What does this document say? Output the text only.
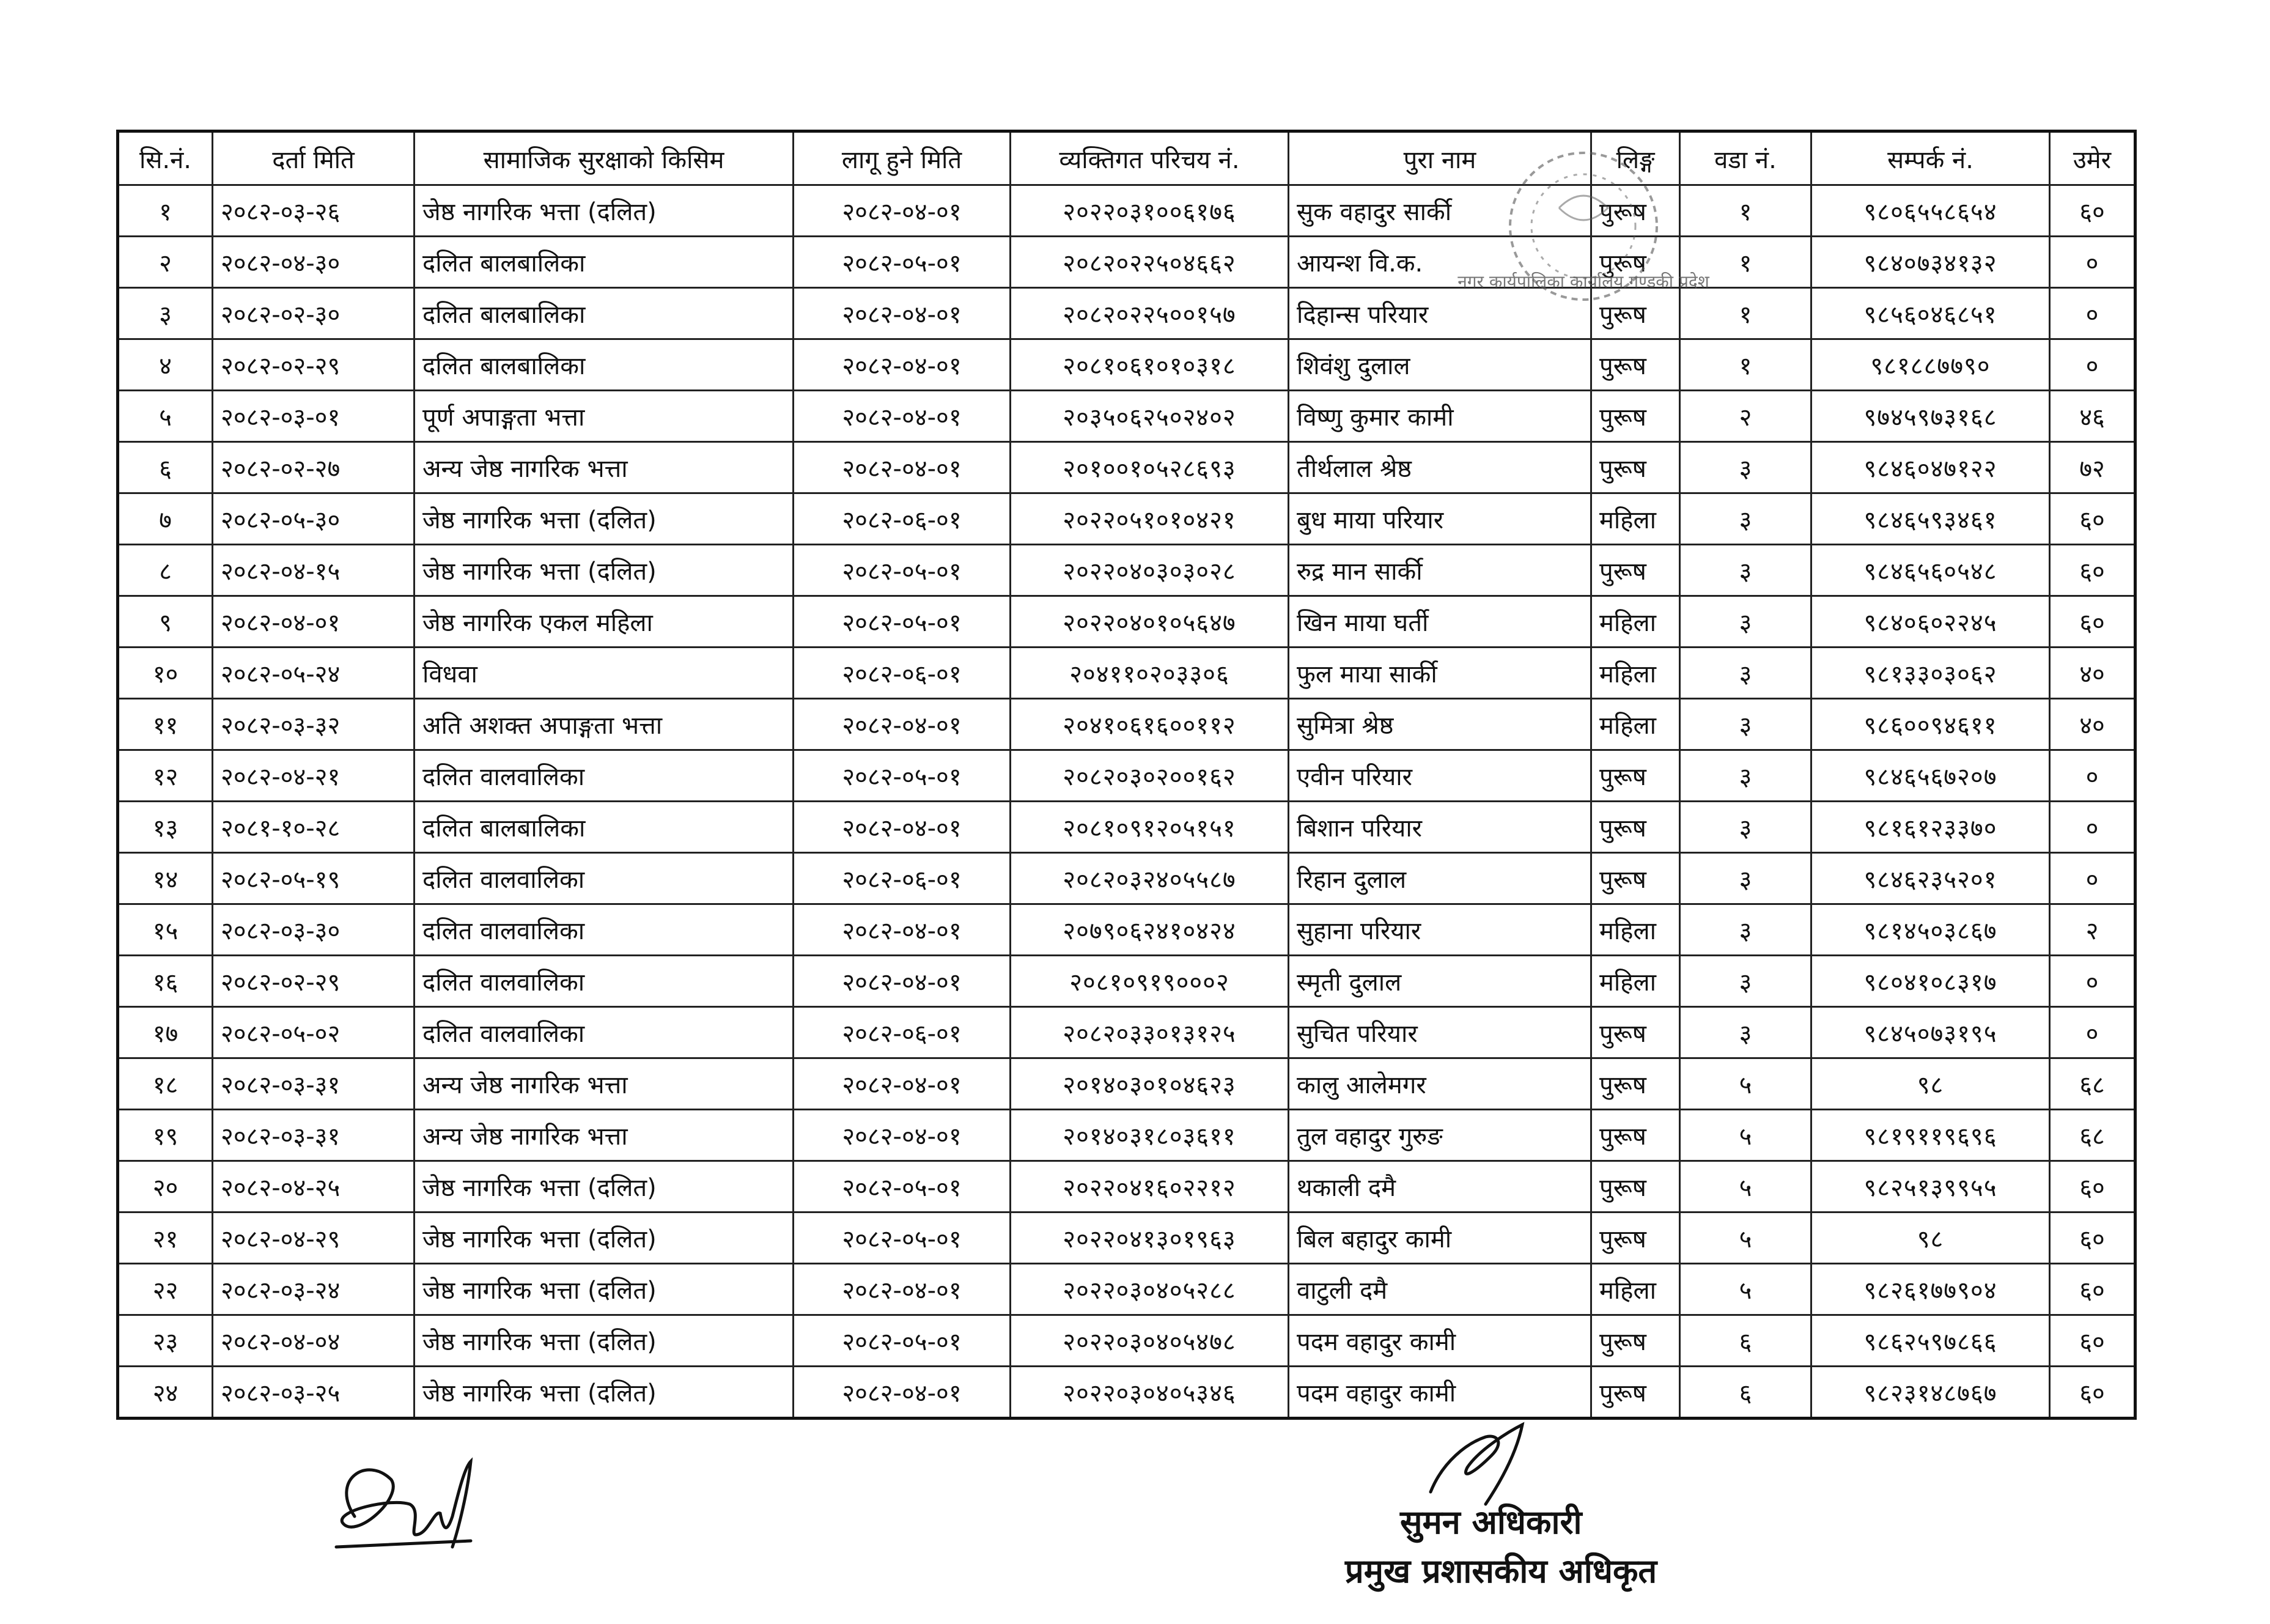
सि.नं.	दर्ता मिति	सामाजिक सुरक्षाको किसिम	लागू हुने मिति	व्यक्तिगत परिचय नं.	पुरा नाम	लिङ्ग	वडा नं.	सम्पर्क नं.	उमेर
१	२०८२-०३-२६	जेष्ठ नागरिक भत्ता (दलित)	२०८२-०४-०१	२०२२०३१००६१७६	सुक वहादुर सार्की	पुरूष	१	९८०६५५८६५४	६०
२	२०८२-०४-३०	दलित बालबालिका	२०८२-०५-०१	२०८२०२२५०४६६२	आयन्श वि.क.	पुरूष	१	९८४०७३४१३२	०
३	२०८२-०२-३०	दलित बालबालिका	२०८२-०४-०१	२०८२०२२५००१५७	दिहान्स परियार	पुरूष	१	९८५६०४६८५१	०
४	२०८२-०२-२९	दलित बालबालिका	२०८२-०४-०१	२०८१०६१०१०३१८	शिवंशु दुलाल	पुरूष	१	९८१८८७७९०	०
५	२०८२-०३-०१	पूर्ण अपाङ्गता भत्ता	२०८२-०४-०१	२०३५०६२५०२४०२	विष्णु कुमार कामी	पुरूष	२	९७४५९७३१६८	४६
६	२०८२-०२-२७	अन्य जेष्ठ नागरिक भत्ता	२०८२-०४-०१	२०१००१०५२८६९३	तीर्थलाल श्रेष्ठ	पुरूष	३	९८४६०४७१२२	७२
७	२०८२-०५-३०	जेष्ठ नागरिक भत्ता (दलित)	२०८२-०६-०१	२०२२०५१०१०४२१	बुध माया परियार	महिला	३	९८४६५९३४६१	६०
८	२०८२-०४-१५	जेष्ठ नागरिक भत्ता (दलित)	२०८२-०५-०१	२०२२०४०३०३०२८	रुद्र मान सार्की	पुरूष	३	९८४६५६०५४८	६०
९	२०८२-०४-०१	जेष्ठ नागरिक एकल महिला	२०८२-०५-०१	२०२२०४०१०५६४७	खिन माया घर्ती	महिला	३	९८४०६०२२४५	६०
१०	२०८२-०५-२४	विधवा	२०८२-०६-०१	२०४११०२०३३०६	फुल माया सार्की	महिला	३	९८१३३०३०६२	४०
११	२०८२-०३-३२	अति अशक्त अपाङ्गता भत्ता	२०८२-०४-०१	२०४१०६१६००११२	सुमित्रा श्रेष्ठ	महिला	३	९८६००९४६११	४०
१२	२०८२-०४-२१	दलित वालवालिका	२०८२-०५-०१	२०८२०३०२००१६२	एवीन परियार	पुरूष	३	९८४६५६७२०७	०
१३	२०८१-१०-२८	दलित बालबालिका	२०८२-०४-०१	२०८१०९१२०५१५१	बिशान परियार	पुरूष	३	९८१६१२३३७०	०
१४	२०८२-०५-१९	दलित वालवालिका	२०८२-०६-०१	२०८२०३२४०५५८७	रिहान दुलाल	पुरूष	३	९८४६२३५२०१	०
१५	२०८२-०३-३०	दलित वालवालिका	२०८२-०४-०१	२०७९०६२४१०४२४	सुहाना परियार	महिला	३	९८१४५०३८६७	२
१६	२०८२-०२-२९	दलित वालवालिका	२०८२-०४-०१	२०८१०९१९०००२	स्मृती दुलाल	महिला	३	९८०४१०८३१७	०
१७	२०८२-०५-०२	दलित वालवालिका	२०८२-०६-०१	२०८२०३३०१३१२५	सुचित परियार	पुरूष	३	९८४५०७३१९५	०
१८	२०८२-०३-३१	अन्य जेष्ठ नागरिक भत्ता	२०८२-०४-०१	२०१४०३०१०४६२३	कालु आलेमगर	पुरूष	५	९८	६८
१९	२०८२-०३-३१	अन्य जेष्ठ नागरिक भत्ता	२०८२-०४-०१	२०१४०३१८०३६११	तुल वहादुर गुरुङ	पुरूष	५	९८१९११९६९६	६८
२०	२०८२-०४-२५	जेष्ठ नागरिक भत्ता (दलित)	२०८२-०५-०१	२०२२०४१६०२२१२	थकाली दमै	पुरूष	५	९८२५१३९९५५	६०
२१	२०८२-०४-२९	जेष्ठ नागरिक भत्ता (दलित)	२०८२-०५-०१	२०२२०४१३०१९६३	बिल बहादुर कामी	पुरूष	५	९८	६०
२२	२०८२-०३-२४	जेष्ठ नागरिक भत्ता (दलित)	२०८२-०४-०१	२०२२०३०४०५२८८	वाटुली दमै	महिला	५	९८२६१७७९०४	६०
२३	२०८२-०४-०४	जेष्ठ नागरिक भत्ता (दलित)	२०८२-०५-०१	२०२२०३०४०५४७८	पदम वहादुर कामी	पुरूष	६	९८६२५९७८६६	६०
२४	२०८२-०३-२५	जेष्ठ नागरिक भत्ता (दलित)	२०८२-०४-०१	२०२२०३०४०५३४६	पदम वहादुर कामी	पुरूष	६	९८२३१४८७६७	६०
नगर कार्यपालिका कार्यालय गण्डकी प्रदेश
सुमन अधिकारी
प्रमुख प्रशासकीय अधिकृत
